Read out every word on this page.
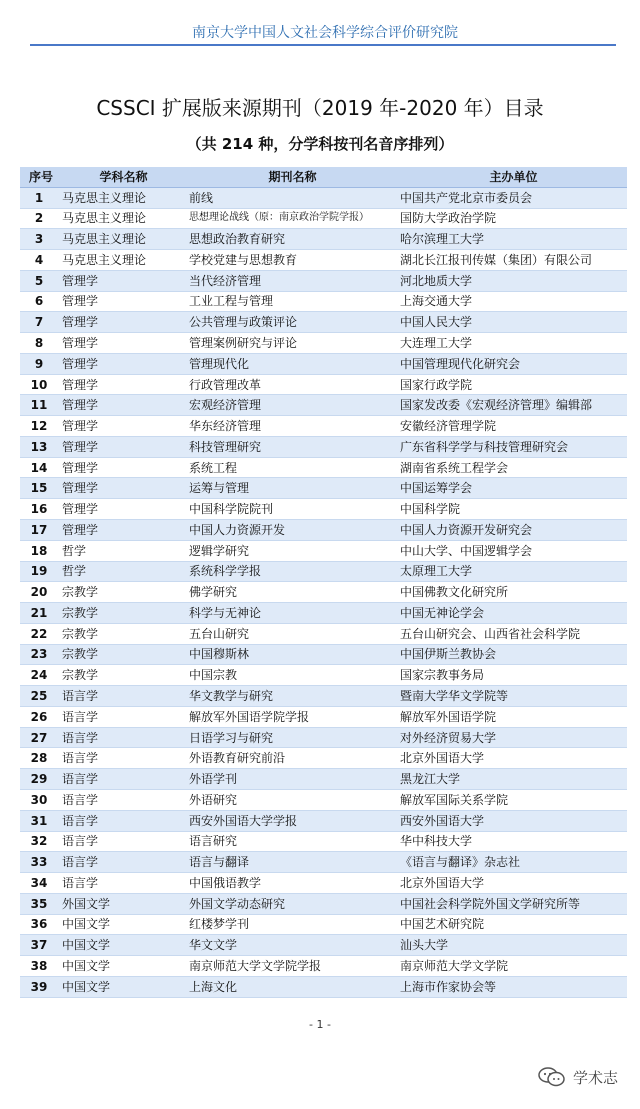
南京大学中国人文社会科学综合评价研究院
CSSCI 扩展版来源期刊（2019 年-2020 年）目录
（共 214 种，分学科按刊名音序排列）
序号	学科名称	期刊名称	主办单位
1	马克思主义理论	前线	中国共产党北京市委员会
2	马克思主义理论	思想理论战线（原：南京政治学院学报）	国防大学政治学院
3	马克思主义理论	思想政治教育研究	哈尔滨理工大学
4	马克思主义理论	学校党建与思想教育	湖北长江报刊传媒（集团）有限公司
5	管理学	当代经济管理	河北地质大学
6	管理学	工业工程与管理	上海交通大学
7	管理学	公共管理与政策评论	中国人民大学
8	管理学	管理案例研究与评论	大连理工大学
9	管理学	管理现代化	中国管理现代化研究会
10	管理学	行政管理改革	国家行政学院
11	管理学	宏观经济管理	国家发改委《宏观经济管理》编辑部
12	管理学	华东经济管理	安徽经济管理学院
13	管理学	科技管理研究	广东省科学学与科技管理研究会
14	管理学	系统工程	湖南省系统工程学会
15	管理学	运筹与管理	中国运筹学会
16	管理学	中国科学院院刊	中国科学院
17	管理学	中国人力资源开发	中国人力资源开发研究会
18	哲学	逻辑学研究	中山大学、中国逻辑学会
19	哲学	系统科学学报	太原理工大学
20	宗教学	佛学研究	中国佛教文化研究所
21	宗教学	科学与无神论	中国无神论学会
22	宗教学	五台山研究	五台山研究会、山西省社会科学院
23	宗教学	中国穆斯林	中国伊斯兰教协会
24	宗教学	中国宗教	国家宗教事务局
25	语言学	华文教学与研究	暨南大学华文学院等
26	语言学	解放军外国语学院学报	解放军外国语学院
27	语言学	日语学习与研究	对外经济贸易大学
28	语言学	外语教育研究前沿	北京外国语大学
29	语言学	外语学刊	黑龙江大学
30	语言学	外语研究	解放军国际关系学院
31	语言学	西安外国语大学学报	西安外国语大学
32	语言学	语言研究	华中科技大学
33	语言学	语言与翻译	《语言与翻译》杂志社
34	语言学	中国俄语教学	北京外国语大学
35	外国文学	外国文学动态研究	中国社会科学院外国文学研究所等
36	中国文学	红楼梦学刊	中国艺术研究院
37	中国文学	华文文学	汕头大学
38	中国文学	南京师范大学文学院学报	南京师范大学文学院
39	中国文学	上海文化	上海市作家协会等
- 1 -
学术志
